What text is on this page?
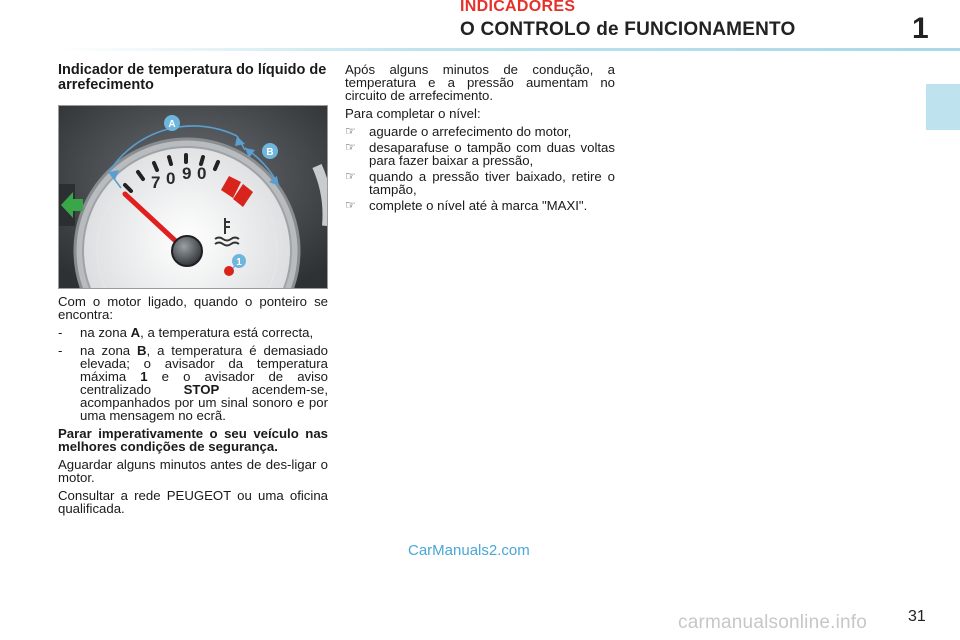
INDICADORES
O CONTROLO de FUNCIONAMENTO	1
Indicador de temperatura do líquido de arrefecimento
7 0 9 0
A
B
1

Com o motor ligado, quando o ponteiro se encontra:

-	na zona A, a temperatura está correcta,
-	na zona B, a temperatura é demasiado elevada; o avisador da temperatura máxima 1 e o avisador de aviso centralizado STOP acendem-se, acompanhados por um sinal sonoro e por uma mensagem no ecrã.

Parar imperativamente o seu veículo nas melhores condições de segurança.

Aguardar alguns minutos antes de des-ligar o motor.

Consultar a rede PEUGEOT ou uma oficina qualificada.

Após alguns minutos de condução, a temperatura e a pressão aumentam no circuito de arrefecimento.

Para completar o nível:

☞	aguarde o arrefecimento do motor,
☞	desaparafuse o tampão com duas voltas para fazer baixar a pressão,
☞	quando a pressão tiver baixado, retire o tampão,
☞	complete o nível até à marca "MAXI".
CarManuals2.com
carmanualsonline.info	31
